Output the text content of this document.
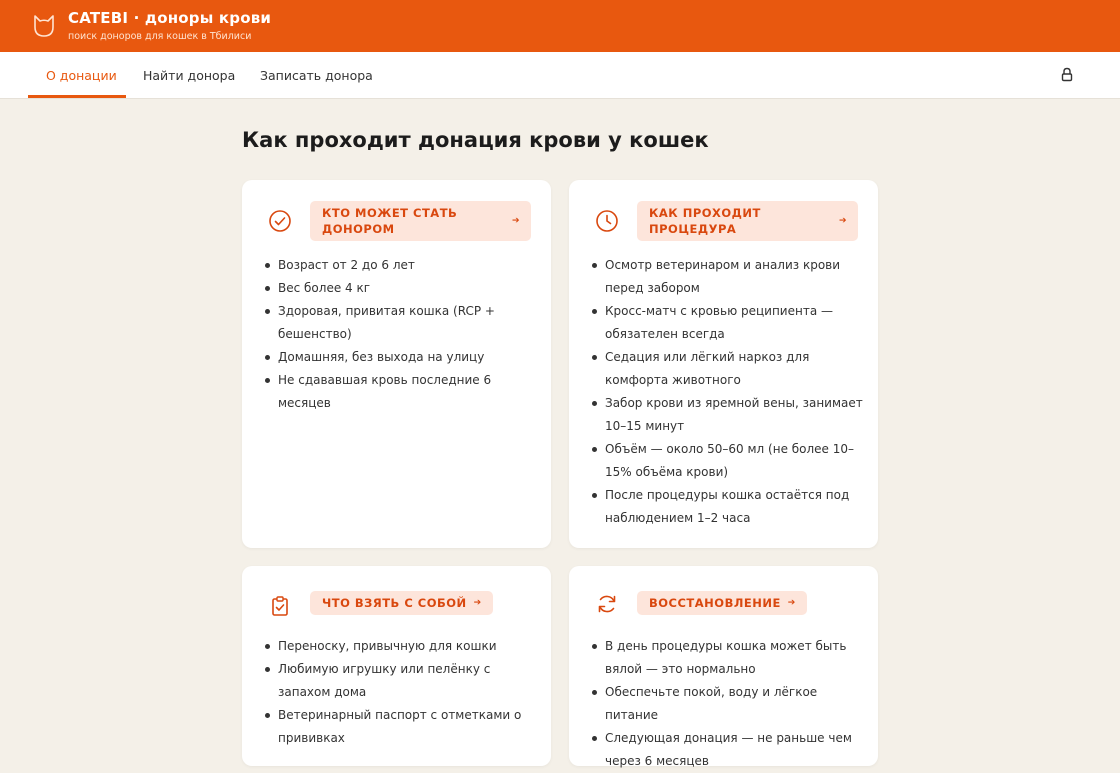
CATEBI · доноры крови
поиск доноров для кошек в Тбилиси
О донации Найти донора Записать донора
Как проходит донация крови у кошек
КТО МОЖЕТ СТАТЬ ДОНОРОМ
➔
Возраст от 2 до 6 лет
Вес более 4 кг
Здоровая, привитая кошка (RCP + бешенство)
Домашняя, без выхода на улицу
Не сдававшая кровь последние 6 месяцев
КАК ПРОХОДИТ ПРОЦЕДУРА
➔
Осмотр ветеринаром и анализ крови перед забором
Кросс-матч с кровью реципиента — обязателен всегда
Седация или лёгкий наркоз для комфорта животного
Забор крови из яремной вены, занимает 10–15 минут
Объём — около 50–60 мл (не более 10–15% объёма крови)
После процедуры кошка остаётся под наблюдением 1–2 часа
ЧТО ВЗЯТЬ С СОБОЙ ➔
Переноску, привычную для кошки
Любимую игрушку или пелёнку с запахом дома
Ветеринарный паспорт с отметками о прививках
ВОССТАНОВЛЕНИЕ ➔
В день процедуры кошка может быть вялой — это нормально
Обеспечьте покой, воду и лёгкое питание
Следующая донация — не раньше чем через 6 месяцев
